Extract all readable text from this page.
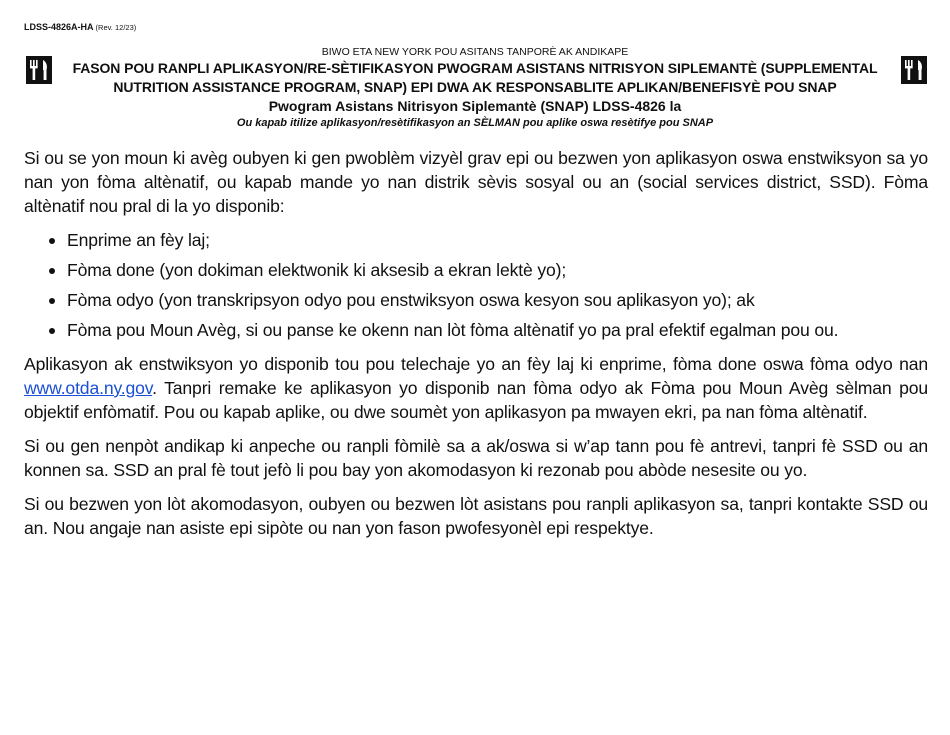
LDSS-4826A-HA (Rev. 12/23)
BIWO ETA NEW YORK POU ASITANS TANPORÈ AK ANDIKAPE
FASON POU RANPLI APLIKASYON/RE-SÈTIFIKASYON PWOGRAM ASISTANS NITRISYON SIPLEMANTÈ (SUPPLEMENTAL
NUTRITION ASSISTANCE PROGRAM, SNAP) EPI DWA AK RESPONSABLITE APLIKAN/BENEFISYÈ POU SNAP
Pwogram Asistans Nitrisyon Siplemantè (SNAP) LDSS-4826 la
Ou kapab itilize aplikasyon/resètifikasyon an SÈLMAN pou aplike oswa resètifye pou SNAP

Si ou se yon moun ki avèg oubyen ki gen pwoblèm vizyèl grav epi ou bezwen yon aplikasyon oswa enstwiksyon sa yo nan yon fòma altènatif, ou kapab mande yo nan distrik sèvis sosyal ou an (social services district, SSD). Fòma altènatif nou pral di la yo disponib:

Enprime an fèy laj;
Fòma done (yon dokiman elektwonik ki aksesib a ekran lektè yo);
Fòma odyo (yon transkripsyon odyo pou enstwiksyon oswa kesyon sou aplikasyon yo); ak
Fòma pou Moun Avèg, si ou panse ke okenn nan lòt fòma altènatif yo pa pral efektif egalman pou ou.

Aplikasyon ak enstwiksyon yo disponib tou pou telechaje yo an fèy laj ki enprime, fòma done oswa fòma odyo nan www.otda.ny.gov. Tanpri remake ke aplikasyon yo disponib nan fòma odyo ak Fòma pou Moun Avèg sèlman pou objektif enfòmatif. Pou ou kapab aplike, ou dwe soumèt yon aplikasyon pa mwayen ekri, pa nan fòma altènatif.

Si ou gen nenpòt andikap ki anpeche ou ranpli fòmilè sa a ak/oswa si w’ap tann pou fè antrevi, tanpri fè SSD ou an konnen sa. SSD an pral fè tout jefò li pou bay yon akomodasyon ki rezonab pou abòde nesesite ou yo.

Si ou bezwen yon lòt akomodasyon, oubyen ou bezwen lòt asistans pou ranpli aplikasyon sa, tanpri kontakte SSD ou an. Nou angaje nan asiste epi sipòte ou nan yon fason pwofesyonèl epi respektye.
